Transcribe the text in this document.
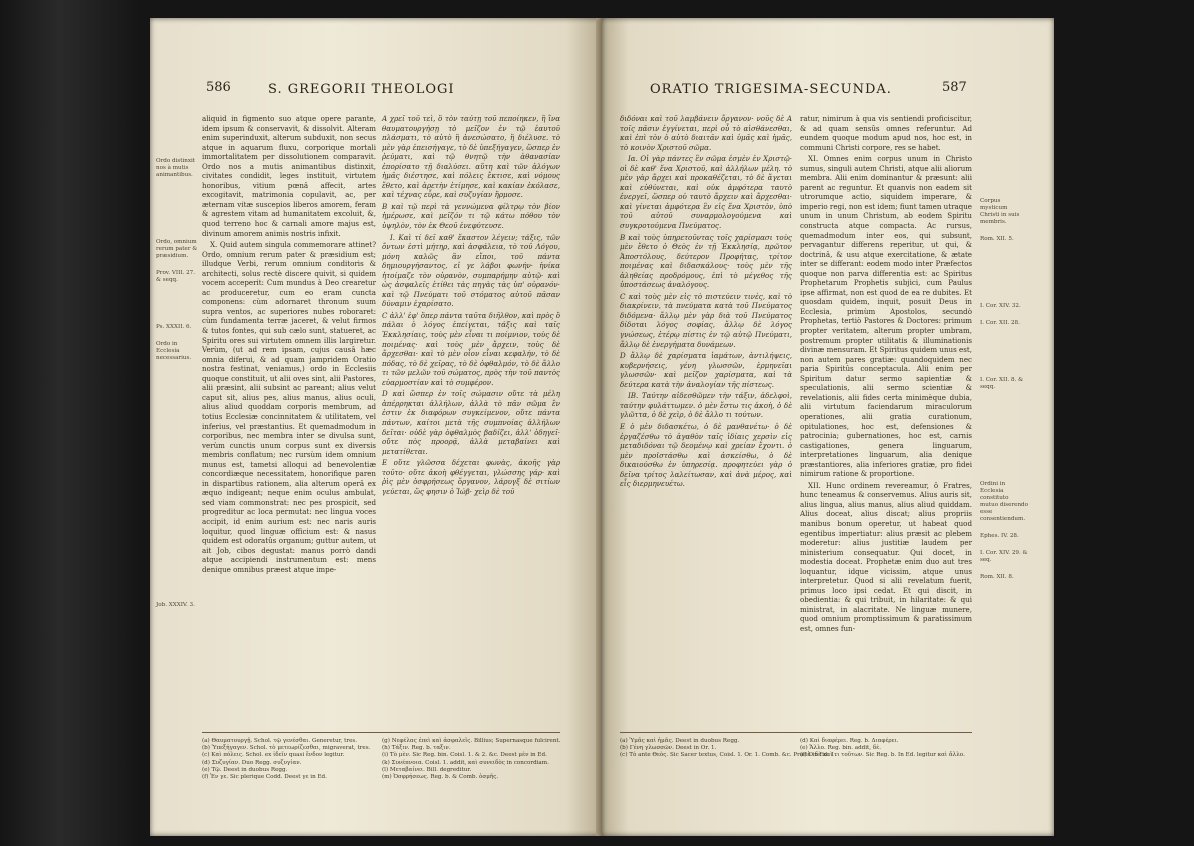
586	S. GREGORII THEOLOGI
Ordo distinxit nos à mutis animantibus.
Ordo, omnium rerum pater & præsidium.
Prov. VIII. 27. & seqq.
Ps. XXXII. 6.
Ordo in Ecclesia necessarius.
Job. XXXIV. 3.

aliquid in figmento suo atque opere parante, idem ipsum & conservavit, & dissolvit. Alteram enim superinduxit, alterum subduxit, non secus atque in aquarum fluxu, corporique mortali immortalitatem per dissolutionem comparavit. Ordo nos a mutis animantibus distinxit, civitates condidit, leges instituit, virtutem honoribus, vitium pœnâ affecit, artes excogitavit, matrimonia copulavit, ac, per æternam vitæ suscepios liberos amorem, feram & agrestem vitam ad humanitatem excoluit, &, quod terreno hoc & carnali amore majus est, divinum amorem animis nostris infixit.

X. Quid autem singula commemorare attinet? Ordo, omnium rerum pater & præsidium est; illudque Verbi, rerum omnium conditoris & architecti, solus rectè discere quivit, si quidem vocem acceperit: Cum mundus à Deo crearetur ac produceretur, cum eo eram cuncta componens: cùm adornaret thronum suum supra ventos, ac superiores nubes roboraret: cùm fundamenta terræ jaceret, & velut firmos & tutos fontes, qui sub cælo sunt, statueret, ac Spiritu ores sui virtutem omnem illis largiretur. Verùm, (ut ad rem ipsam, cujus causâ hæc omnia diferui, & ad quam jampridem Oratio nostra festinat, veniamus,) ordo in Ecclesiis quoque constituit, ut alii oves sint, alii Pastores, alii præsint, alii subsint ac pareant; alius velut caput sit, alius pes, alius manus, alius oculi, alius aliud quoddam corporis membrum, ad totius Ecclesiæ concinnitatem & utilitatem, vel inferius, vel præstantius. Et quemadmodum in corporibus, nec membra inter se divulsa sunt, verùm cunctis unum corpus sunt ex diversis membris conflatum; nec rursùm idem omnium munus est, tametsi alloqui ad benevolentiæ concordiæque necessitatem, honorifique paren in dispartibus rationem, alia alterum operâ ex æquo indigeant; neque enim oculus ambulat, sed viam commonstrat: nec pes prospicit, sed progreditur ac loca permutat: nec lingua voces accipit, id enim aurium est: nec naris auris loquitur, quod linguæ officium est: & nasus quidem est odoratûs organum; guttur autem, ut ait Job, cibos degustat: manus porrò dandi atque accipiendi instrumentum est: mens denique omnibus præest atque impe-

A χρεῖ τοῦ τεὶ, ὃ τὸν ταύτῃ τοῦ πεποίηκεν, ἢ ἵνα θαυματουργήσῃ τὸ μεῖζον ἐν τῷ ἑαυτοῦ πλάσματι, τὸ αὐτὸ ἢ ἀνεσώσατο, ἢ διέλυσε. τὸ μὲν γὰρ ἐπεισήγαγε, τὸ δὲ ὑπεξήγαγεν, ὥσπερ ἐν ῥεύματι, καὶ τῷ θνητῷ τὴν ἀθανασίαν ἐπορίσατο τῇ διαλύσει. αὕτη καὶ τῶν ἀλόγων ἡμᾶς διέστησε, καὶ πόλεις ἔκτισε, καὶ νόμους ἔθετο, καὶ ἀρετὴν ἐτίμησε, καὶ κακίαν ἐκόλασε, καὶ τέχνας εὗρε, καὶ συζυγίαν ἥρμοσε.

B καὶ τῷ περὶ τὰ γεννώμενα φίλτρῳ τὸν βίον ἡμέρωσε, καὶ μεῖζόν τι τῷ κάτω πόθου τὸν ὑψηλὸν, τὸν ἐκ Θεοῦ ἐνεφύτευσε.

Ι. Καὶ τί δεῖ καθ' ἕκαστον λέγειν; τάξις, τῶν ὄντων ἐστὶ μήτηρ, καὶ ἀσφάλεια, τὸ τοῦ Λόγου, μόνη καλῶς ἂν εἴποι, τοῦ πάντα δημιουργήσαντος, εἰ γε λάβοι φωνήν· ἡνίκα ἡτοίμαζε τὸν οὐρανὸν, συμπαρήμην αὐτῷ· καὶ ὡς ἀσφαλεῖς ἐτίθει τὰς πηγὰς τὰς ὑπ' οὐρανόν· καὶ τῷ Πνεύματι τοῦ στόματος αὐτοῦ πᾶσαν δύναμιν ἐχαρίσατο.

C ἀλλ' ἐφ' ὅπερ πάντα ταῦτα διῆλθον, καὶ πρὸς ὃ πάλαι ὁ λόγος ἐπείγεται, τάξις καὶ ταῖς Ἐκκλησίαις, τοὺς μὲν εἶναι τι ποίμνιον, τοὺς δὲ ποιμένας· καὶ τοὺς μὲν ἄρχειν, τοὺς δὲ ἄρχεσθαι· καὶ τὸ μὲν οἷον εἶναι κεφαλήν, τὸ δὲ πόδας, τὸ δὲ χεῖρας, τὸ δὲ ὀφθαλμόν, τὸ δὲ ἄλλο τι τῶν μελῶν τοῦ σώματος, πρὸς τὴν τοῦ παντὸς εὐαρμοστίαν καὶ τὸ συμφέρον.

D καὶ ὥσπερ ἐν τοῖς σώμασιν οὔτε τὰ μέλη ἀπέρρηκται ἀλλήλων, ἀλλὰ τὸ πᾶν σῶμα ἓν ἐστιν ἐκ διαφόρων συγκείμενον, οὔτε πάντα πάντων, καίτοι μετὰ τῆς συμπνοίας ἀλλήλων δεῖται· οὐδὲ γὰρ ὀφθαλμὸς βαδίζει, ἀλλ' ὁδηγεῖ· οὔτε πὸς προορᾷ, ἀλλὰ μεταβαίνει καὶ μετατίθεται.

E οὔτε γλῶσσα δέχεται φωνὰς, ἀκοῆς γὰρ τοῦτο· οὔτε ἀκοὴ φθέγγεται, γλώσσης γάρ· καὶ ῥὶς μὲν ὀσφρήσεως ὄργανον, λάρυγξ δὲ σιτίων γεύεται, ὥς φησιν ὁ Ἰώβ· χεὶρ δὲ τοῦ

(a) Θαυματουργῇ. Schol. τῷ γενέσθαι. Generetur, tres.
(b) Ὑπεξήγαγεν. Schol. τὸ μετεωρίζεσθαι, migraverat, tres.
(c) Καὶ πόλεις. Schol. ex ἰδεῖν quasi ἔνδον legitur.
(d) Συζυγίαν. Duo Regg. συζυγίαν.
(e) Τῷ. Deest in duobus Regg.
(f) Ἐν γε. Sic plerique Codd. Deest γε in Ed.
(g) Νεφέλας ἐπεὶ καὶ ἀσφαλεῖς. Billius; Supernasque fulcirent.
(h) Τάξιν. Reg. b. ταξιν.
(i) Τὸ μὲν. Sic Reg. bin. Coisl. 1. & 2. &c. Deest μὲν in Ed.
(k) Συνέπνοια. Coisl. 1. addit, καὶ συνειδὸς in concordiam.
(l) Μεταβαίνει. Bill. degreditur.
(m) Ὀσφρήσεως. Reg. b. & Comb. ὀσμῆς.
ORATIO TRIGESIMA-SECUNDA.	587

διδόναι καὶ τοῦ λαμβάνειν ὄργανον· νοῦς δὲ A τοῖς πᾶσιν ἐγγίνεται, περὶ οὗ τὸ αἰσθάνεσθαι, καὶ ἐπὶ τὸν ὁ αὐτὸ διαιτᾶν καὶ ὑμᾶς καὶ ἡμᾶς, τὸ κοινὸν Χριστοῦ σῶμα.

Ια. Οἱ γὰρ πάντες ἓν σῶμα ἐσμὲν ἐν Χριστῷ· οἱ δὲ καθ' ἕνα Χριστοῦ, καὶ ἀλλήλων μέλη. τὸ μὲν γὰρ ἄρχει καὶ προκαθέζεται, τὸ δὲ ἄγεται καὶ εὐθύνεται, καὶ οὐκ ἀμφότερα ταυτὸ ἐνεργεῖ, ὥσπερ οὐ ταυτὸ ἄρχειν καὶ ἄρχεσθαι· καὶ γίνεται ἀμφότερα ἓν εἰς ἕνα Χριστὸν, ὑπὸ τοῦ αὐτοῦ συναρμολογούμενα καὶ συγκροτούμενα Πνεύματος.

B καὶ τοὺς ὑπηρετοῦντας τοῖς χαρίσμασι τοὺς μὲν ἔθετο ὁ Θεὸς ἐν τῇ Ἐκκλησίᾳ, πρῶτον Ἀποστόλους, δεύτερον Προφήτας, τρίτον ποιμένας καὶ διδασκάλους· τοὺς μὲν τῆς ἀληθείας προδρόμους, ἐπὶ τὸ μέγεθος τῆς ὑποστάσεως ἀναλόγους.

C καὶ τοὺς μὲν εἰς τὸ πιστεύειν τινὲς, καὶ τὸ διακρίνειν, τὰ πνεύματα κατὰ τοῦ Πνεύματος διδόμενα· ἄλλῳ μὲν γὰρ διὰ τοῦ Πνεύματος δίδοται λόγος σοφίας, ἄλλῳ δὲ λόγος γνώσεως, ἑτέρῳ πίστις ἐν τῷ αὐτῷ Πνεύματι, ἄλλῳ δὲ ἐνεργήματα δυνάμεων.

D ἄλλῳ δὲ χαρίσματα ἰαμάτων, ἀντιλήψεις, κυβερνήσεις, γένη γλωσσῶν, ἑρμηνεῖαι γλωσσῶν· καὶ μεῖζον χαρίσματα, καὶ τὰ δεύτερα κατὰ τὴν ἀναλογίαν τῆς πίστεως.

ΙΒ. Ταύτην αἰδεσθῶμεν τὴν τάξιν, ἀδελφοὶ, ταύτην φυλάττωμεν. ὁ μὲν ἔστω τις ἀκοὴ, ὁ δὲ γλῶττα, ὁ δὲ χεὶρ, ὁ δὲ ἄλλο τι τούτων.

E ὁ μὲν διδασκέτω, ὁ δὲ μανθανέτω· ὁ δὲ ἐργαζέσθω τὸ ἀγαθὸν ταῖς ἰδίαις χερσὶν εἰς μεταδιδόναι τῷ δεομένῳ καὶ χρείαν ἔχοντι. ὁ μὲν προϊστάσθω καὶ ἀσκείσθω, ὁ δὲ δικαιούσθω ἐν ὑπηρεσίᾳ. προφητεύει γὰρ ὁ δεῖνα τρίτος λαλείτωσαν, καὶ ἀνὰ μέρος, καὶ εἷς διερμηνευέτω.

ratur, nimirum à qua vis sentiendi proficiscitur, & ad quam sensûs omnes referuntur. Ad eundem quoque modum apud nos, hoc est, in communi Christi corpore, res se habet.

XI. Omnes enim corpus unum in Christo sumus, singuli autem Christi, atque alii aliorum membra. Alii enim dominantur & præsunt: alii parent ac reguntur. Et quanvis non eadem sit utrorumque actio, siquidem imperare, & imperio regi, non est idem; fiunt tamen utraque unum in unum Christum, ab eodem Spiritu constructa atque compacta. Ac rursus, quemadmodum inter eos, qui subsunt, pervagantur differens reperitur, ut qui, & doctrinâ, & usu atque exercitatione, & ætate inter se differant: eodem modo inter Præfectos quoque non parva differentia est: ac Spiritus Prophetarum Prophetis subjici, cum Paulus ipse affirmat, non est quod de ea re dubites. Et quosdam quidem, inquit, posuit Deus in Ecclesia, primùm Apostolos, secundò Prophetas, tertiò Pastores & Doctores: primum propter veritatem, alterum propter umbram, postremum propter utilitatis & illuminationis divinæ mensuram. Et Spiritus quidem unus est, non autem pares gratiæ: quandoquidem nec paria Spiritûs conceptacula. Alii enim per Spiritum datur sermo sapientiæ & speculationis, alii sermo scientiæ & revelationis, alii fides certa minimèque dubia, alii virtutum faciendarum miraculorum operationes, alii gratia curationum, opitulationes, hoc est, defensiones & patrocinia; gubernationes, hoc est, carnis castigationes, genera linguarum, interpretationes linguarum, alia denique præstantiores, alia inferiores gratiæ, pro fidei nimirum ratione & proportione.

XII. Hunc ordinem revereamur, ô Fratres, hunc teneamus & conservemus. Alius auris sit, alius lingua, alius manus, alius aliud quiddam. Alius doceat, alius discat; alius propriis manibus bonum operetur, ut habeat quod egentibus impertiatur: alius præsit ac plebem moderetur: alius justitiæ laudem per ministerium consequatur. Qui docet, in modestia doceat. Prophetæ enim duo aut tres loquantur, idque vicissim, atque unus interpretetur. Quod si alii revelatum fuerit, primus loco ipsi cedat. Et qui discit, in obedientia: & qui tribuit, in hilaritate: & qui ministrat, in alacritate. Ne linguæ munere, quod omnium promptissimum & paratissimum est, omnes fun-

Corpus mysticum Christi in suis membris.
Rom. XII. 5.
I. Cor. XIV. 32.
I. Cor. XII. 28.
I. Cor. XII. 8. & seqq.
Ordini in Ecclesia constituto mutuo diserendo esse consentiendum.
Ephes. IV. 28.
I. Cor. XIV. 29. & seq.
Rom. XII. 8.
(a) Ὑμᾶς καὶ ἡμᾶς. Deest in duobus Regg.
(b) Γένη γλωσσῶν. Deest in Or. 1.
(c) Τὸ ante Θεὸς. Sic Sacer textus, Coisl. 1. Or. 1. Comb. &c. Præte in Ed. 1.
(d) Καὶ διαφέρει. Reg. b. Διαφέρει.
(e) Ἄλλο. Reg. bin. addit, δὲ.
(f) Ὁ δὲ καὶ τι τοῦτων. Sic Reg. b. In Ed. legitur καὶ ἄλλο.
